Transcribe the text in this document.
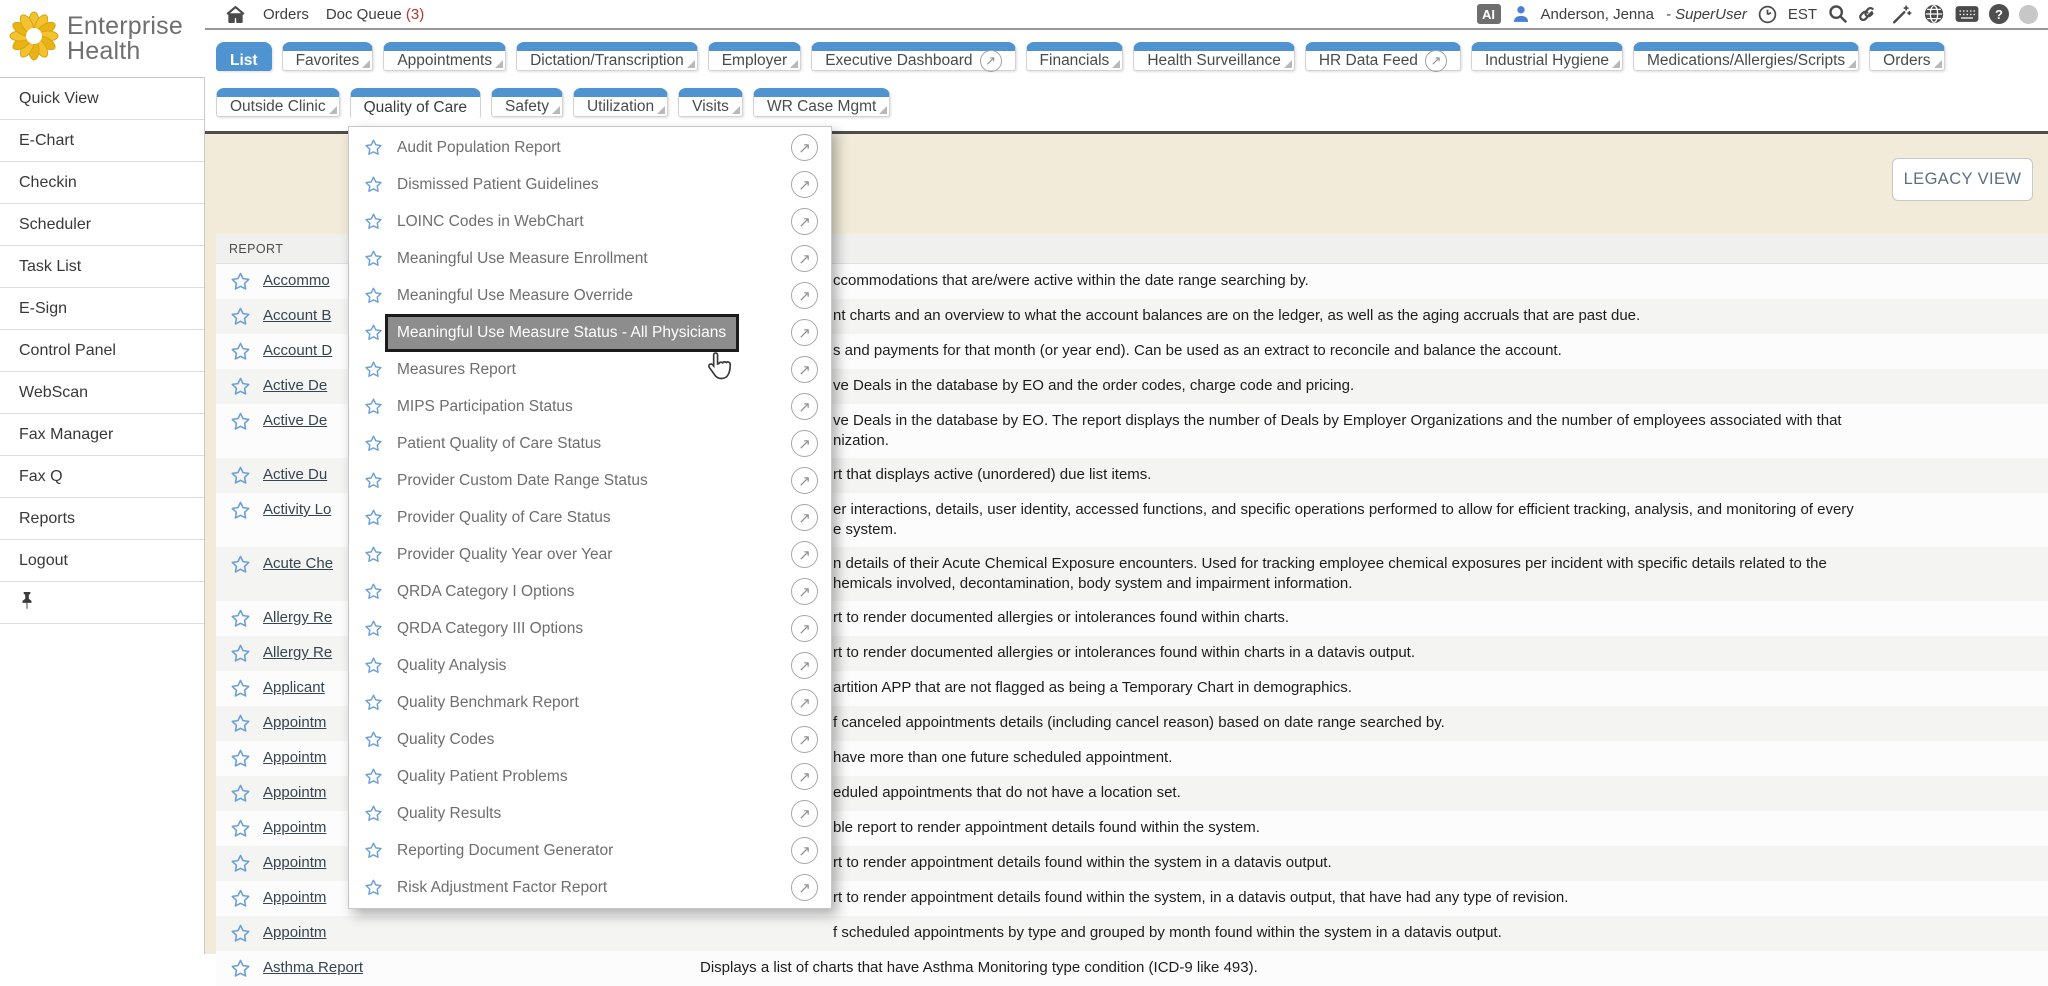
Enterprise
Health
Orders Doc Queue (3)	AI	Anderson, Jenna - SuperUser	EST	?
Quick View
E-Chart
Checkin
Scheduler
Task List
E-Sign
Control Panel
WebScan
Fax Manager
Fax Q
Reports
Logout
List Favorites Appointments Dictation/Transcription Employer Executive Dashboard ↗	Financials Health Surveillance HR Data Feed ↗	Industrial Hygiene Medications/Allergies/Scripts Orders
Outside Clinic Quality of Care Safety Utilization Visits WR Case Mgmt
LEGACY VIEW
REPORT
Accommo	ccommodations that are/were active within the date range searching by.
Account B	nt charts and an overview to what the account balances are on the ledger, as well as the aging accruals that are past due.
Account D	s and payments for that month (or year end). Can be used as an extract to reconcile and balance the account.
Active De	ve Deals in the database by EO and the order codes, charge code and pricing.
Active De	ve Deals in the database by EO. The report displays the number of Deals by Employer Organizations and the number of employees associated with that
nization.
Active Du	rt that displays active (unordered) due list items.
Activity Lo	er interactions, details, user identity, accessed functions, and specific operations performed to allow for efficient tracking, analysis, and monitoring of every
e system.
Acute Che	n details of their Acute Chemical Exposure encounters. Used for tracking employee chemical exposures per incident with specific details related to the
hemicals involved, decontamination, body system and impairment information.
Allergy Re	rt to render documented allergies or intolerances found within charts.
Allergy Re	rt to render documented allergies or intolerances found within charts in a datavis output.
Applicant	artition APP that are not flagged as being a Temporary Chart in demographics.
Appointm	f canceled appointments details (including cancel reason) based on date range searched by.
Appointm	have more than one future scheduled appointment.
Appointm	eduled appointments that do not have a location set.
Appointm	ble report to render appointment details found within the system.
Appointm	rt to render appointment details found within the system in a datavis output.
Appointm	rt to render appointment details found within the system, in a datavis output, that have had any type of revision.
Appointm	f scheduled appointments by type and grouped by month found within the system in a datavis output.
Asthma Report	Displays a list of charts that have Asthma Monitoring type condition (ICD-9 like 493).
Audit Population Report	↗
Dismissed Patient Guidelines	↗
LOINC Codes in WebChart	↗
Meaningful Use Measure Enrollment	↗
Meaningful Use Measure Override	↗
Meaningful Use Measure Status - All Physicians	↗
Measures Report	↗
MIPS Participation Status	↗
Patient Quality of Care Status	↗
Provider Custom Date Range Status	↗
Provider Quality of Care Status	↗
Provider Quality Year over Year	↗
QRDA Category I Options	↗
QRDA Category III Options	↗
Quality Analysis	↗
Quality Benchmark Report	↗
Quality Codes	↗
Quality Patient Problems	↗
Quality Results	↗
Reporting Document Generator	↗
Risk Adjustment Factor Report	↗
